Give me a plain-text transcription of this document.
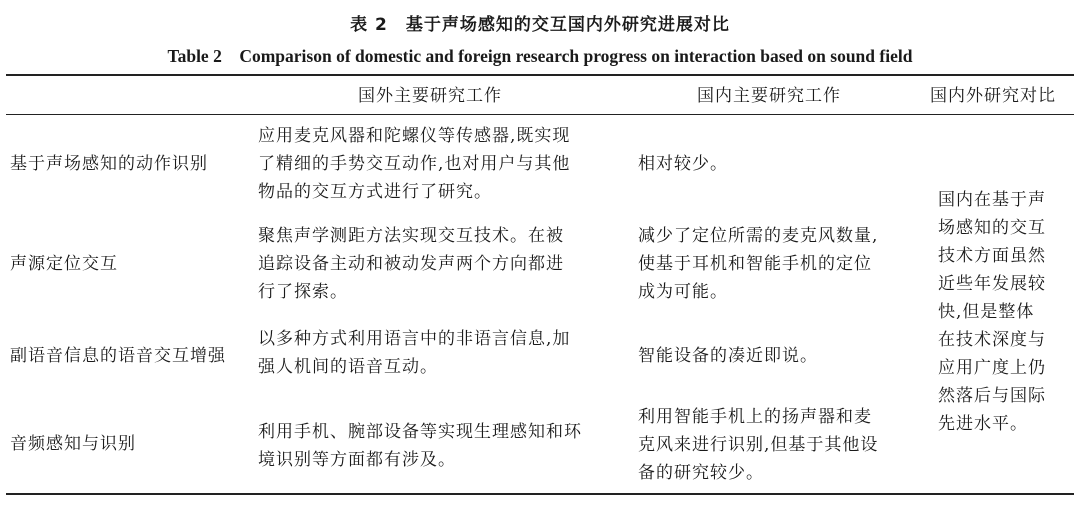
表 2　基于声场感知的交互国内外研究进展对比
Table 2　Comparison of domestic and foreign research progress on interaction based on sound field
国外主要研究工作	国内主要研究工作	国内外研究对比
基于声场感知的动作识别
应用麦克风器和陀螺仪等传感器,既实现
了精细的手势交互动作,也对用户与其他
物品的交互方式进行了研究。
相对较少。
声源定位交互
聚焦声学测距方法实现交互技术。在被
追踪设备主动和被动发声两个方向都进
行了探索。
减少了定位所需的麦克风数量,
使基于耳机和智能手机的定位
成为可能。
副语音信息的语音交互增强
以多种方式利用语言中的非语言信息,加
强人机间的语音互动。
智能设备的凑近即说。
音频感知与识别
利用手机、腕部设备等实现生理感知和环
境识别等方面都有涉及。
利用智能手机上的扬声器和麦
克风来进行识别,但基于其他设
备的研究较少。
国内在基于声
场感知的交互
技术方面虽然
近些年发展较
快,但是整体
在技术深度与
应用广度上仍
然落后与国际
先进水平。
